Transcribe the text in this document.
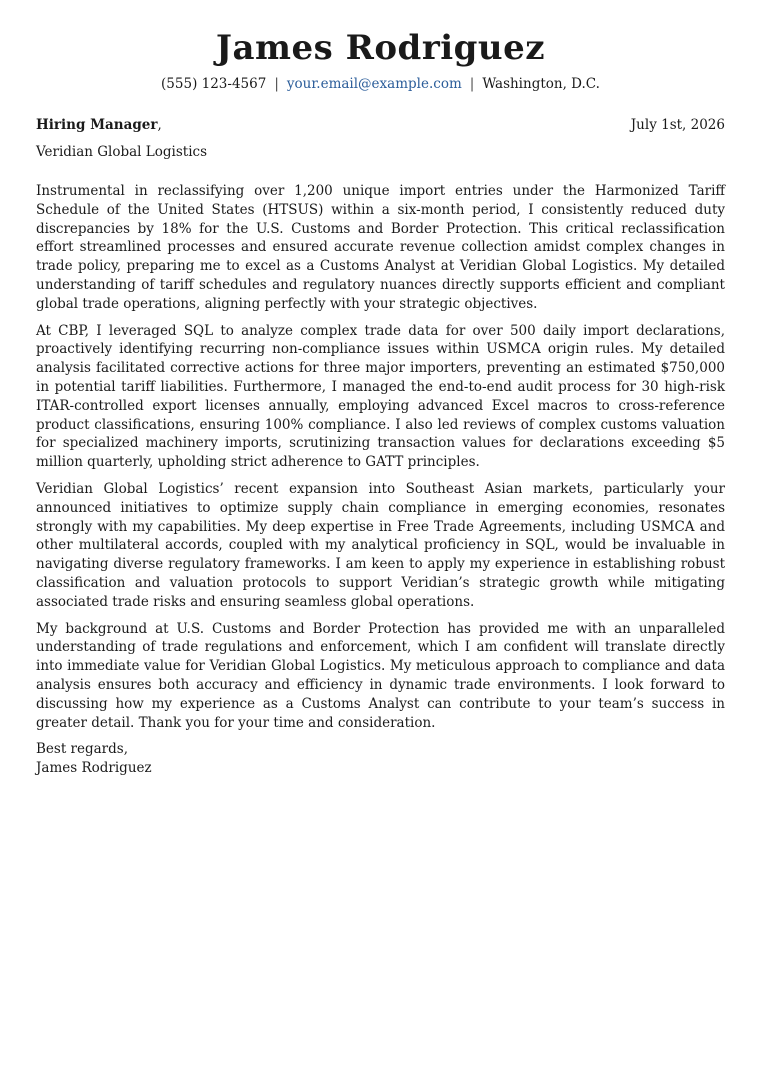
James Rodriguez
(555) 123-4567 | your.email@example.com | Washington, D.C.
Hiring Manager,	July 1st, 2026
Veridian Global Logistics

Instrumental in reclassifying over 1,200 unique import entries under the Harmonized Tariff Schedule of the United States (HTSUS) within a six-month period, I consistently reduced duty discrepancies by 18% for the U.S. Customs and Border Protection. This critical reclassification effort streamlined processes and ensured accurate revenue collection amidst complex changes in trade policy, preparing me to excel as a Customs Analyst at Veridian Global Logistics. My detailed understanding of tariff schedules and regulatory nuances directly supports efficient and compliant global trade operations, aligning perfectly with your strategic objectives.

At CBP, I leveraged SQL to analyze complex trade data for over 500 daily import declarations, proactively identifying recurring non-compliance issues within USMCA origin rules. My detailed analysis facilitated corrective actions for three major importers, preventing an estimated $750,000 in potential tariff liabilities. Furthermore, I managed the end-to-end audit process for 30 high-risk ITAR-controlled export licenses annually, employing advanced Excel macros to cross-reference product classifications, ensuring 100% compliance. I also led reviews of complex customs valuation for specialized machinery imports, scrutinizing transaction values for declarations exceeding $5 million quarterly, upholding strict adherence to GATT principles.

Veridian Global Logistics’ recent expansion into Southeast Asian markets, particularly your announced initiatives to optimize supply chain compliance in emerging economies, resonates strongly with my capabilities. My deep expertise in Free Trade Agreements, including USMCA and other multilateral accords, coupled with my analytical proficiency in SQL, would be invaluable in navigating diverse regulatory frameworks. I am keen to apply my experience in establishing robust classification and valuation protocols to support Veridian’s strategic growth while mitigating associated trade risks and ensuring seamless global operations.

My background at U.S. Customs and Border Protection has provided me with an unparalleled understanding of trade regulations and enforcement, which I am confident will translate directly into immediate value for Veridian Global Logistics. My meticulous approach to compliance and data analysis ensures both accuracy and efficiency in dynamic trade environments. I look forward to discussing how my experience as a Customs Analyst can contribute to your team’s success in greater detail. Thank you for your time and consideration.

Best regards,
James Rodriguez
